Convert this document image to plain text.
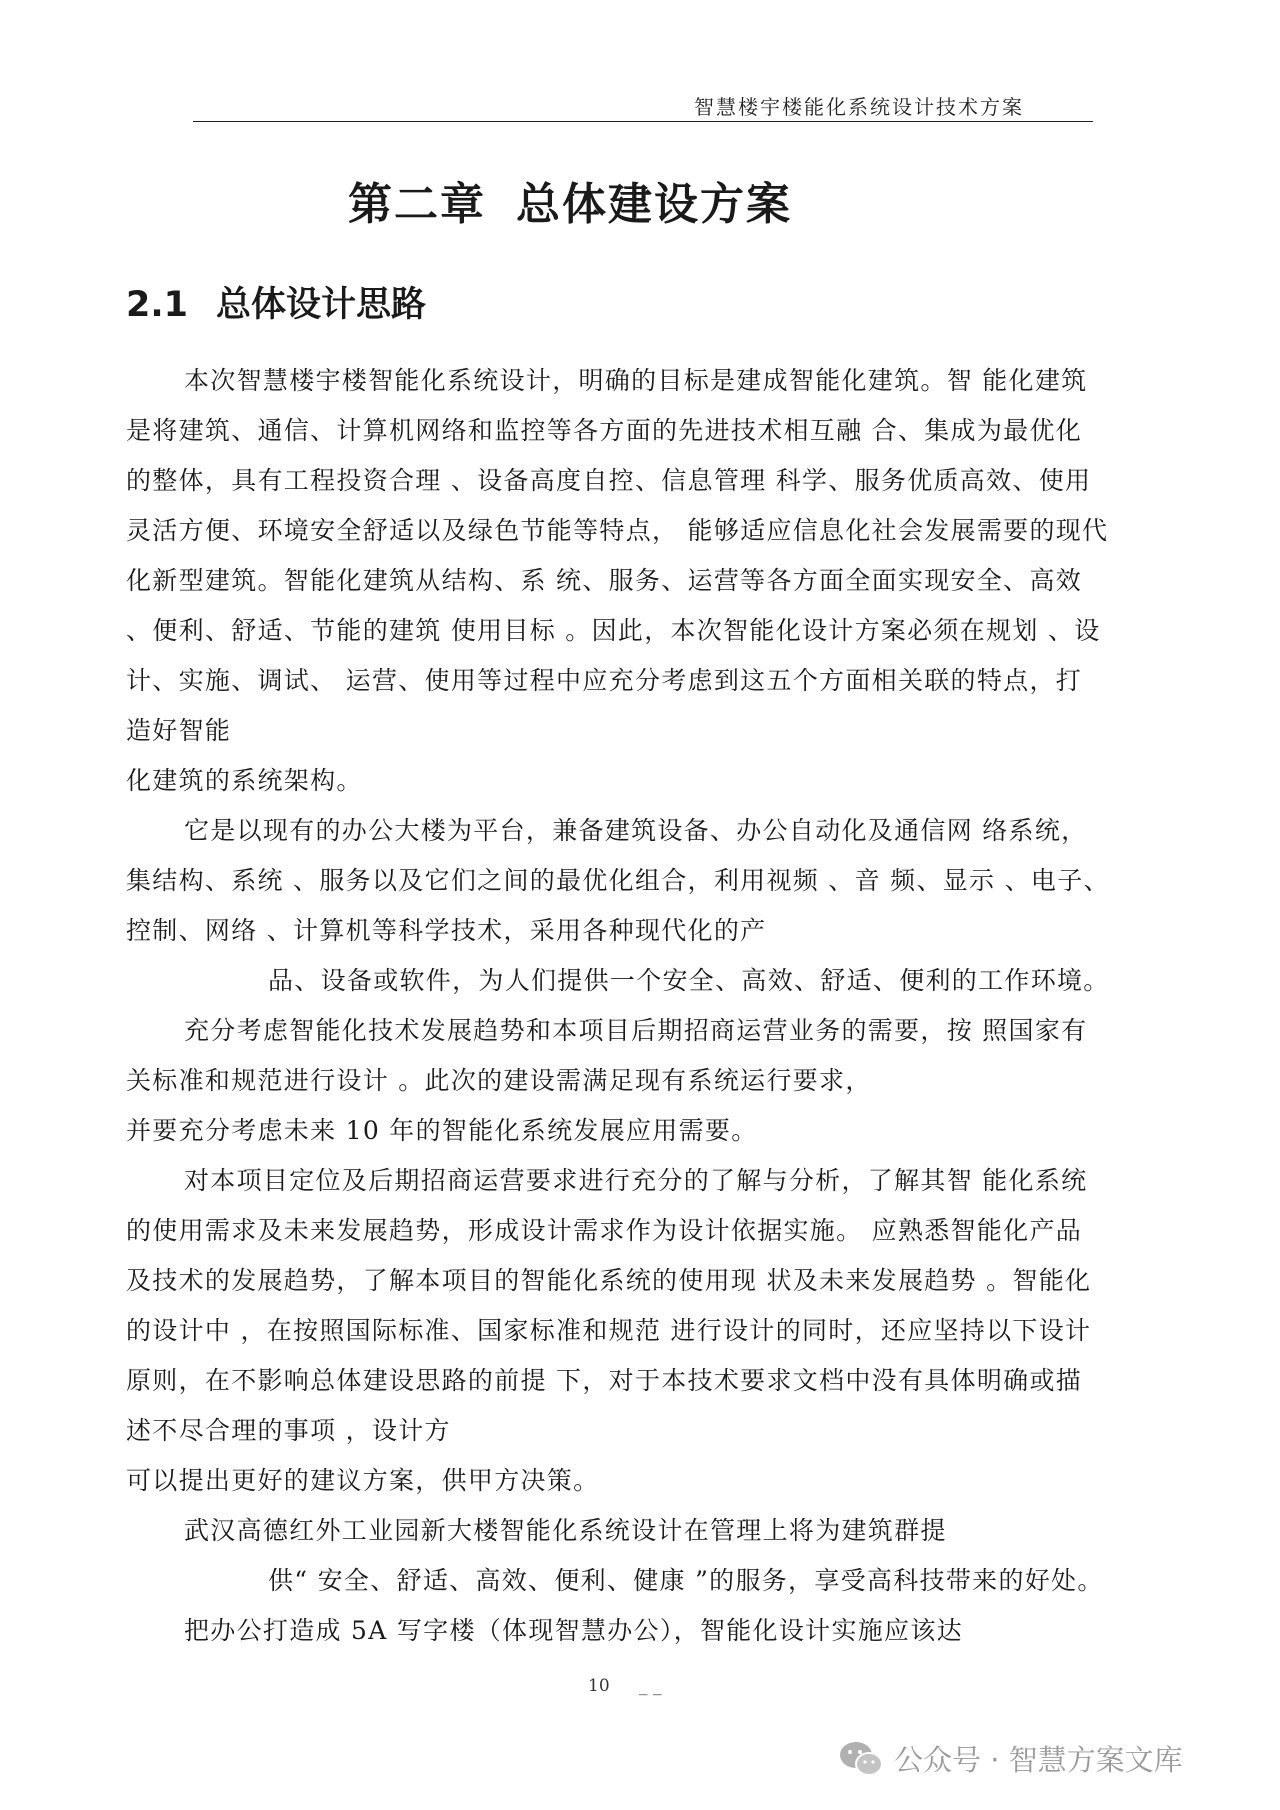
智慧楼宇楼能化系统设计技术方案
第二章 总体建设方案
2.1 总体设计思路
本次智慧楼宇楼智能化系统设计，明确的目标是建成智能化建筑。智 能化建筑
是将建筑、通信、计算机网络和监控等各方面的先进技术相互融 合、集成为最优化
的整体，具有工程投资合理 、设备高度自控、信息管理 科学、服务优质高效、使用
灵活方便、环境安全舒适以及绿色节能等特点， 能够适应信息化社会发展需要的现代
化新型建筑。智能化建筑从结构、系 统、服务、运营等各方面全面实现安全、高效
、便利、舒适、节能的建筑 使用目标 。因此，本次智能化设计方案必须在规划 、设
计、实施、调试、 运营、使用等过程中应充分考虑到这五个方面相关联的特点，打
造好智能
化建筑的系统架构。
它是以现有的办公大楼为平台，兼备建筑设备、办公自动化及通信网 络系统，
集结构、系统 、服务以及它们之间的最优化组合，利用视频 、音 频、显示 、电子、
控制、网络 、计算机等科学技术，采用各种现代化的产
品、设备或软件，为人们提供一个安全、高效、舒适、便利的工作环境。
充分考虑智能化技术发展趋势和本项目后期招商运营业务的需要，按 照国家有
关标准和规范进行设计 。此次的建设需满足现有系统运行要求，
并要充分考虑未来 10 年的智能化系统发展应用需要。
对本项目定位及后期招商运营要求进行充分的了解与分析，了解其智 能化系统
的使用需求及未来发展趋势，形成设计需求作为设计依据实施。 应熟悉智能化产品
及技术的发展趋势，了解本项目的智能化系统的使用现 状及未来发展趋势 。智能化
的设计中 ，在按照国际标准、国家标准和规范 进行设计的同时，还应坚持以下设计
原则，在不影响总体建设思路的前提 下，对于本技术要求文档中没有具体明确或描
述不尽合理的事项 ，设计方
可以提出更好的建议方案，供甲方决策。
武汉高德红外工业园新大楼智能化系统设计在管理上将为建筑群提
供“ 安全、舒适、高效、便利、健康 ”的服务，享受高科技带来的好处。
把办公打造成 5A 写字楼（体现智慧办公），智能化设计实施应该达
10 _ _
公众号 · 智慧方案文库
